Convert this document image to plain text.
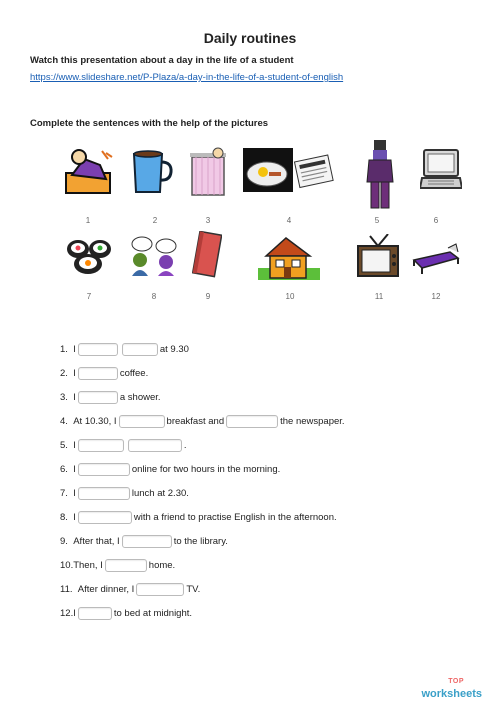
Daily routines
Watch this presentation about a day in the life of a student
https://www.slideshare.net/P-Plaza/a-day-in-the-life-of-a-student-of-english
Complete the sentences with the help of the pictures
1	2	3	4	5	6
7	8	9	10	11	12
1.
I	at 9.30
2.
I	coffee.
3.
I	a shower.
4.
At 10.30, I	breakfast and	the newspaper.
5.
I	.
6.
I	online for two hours in the morning.
7.
I	lunch at 2.30.
8.
I	with a friend to practise English in the afternoon.
9.
After that, I	to the library.
10. Then, I	home.
11.
After dinner, I	TV.
12. I	to bed at midnight.
TOP
worksheets
